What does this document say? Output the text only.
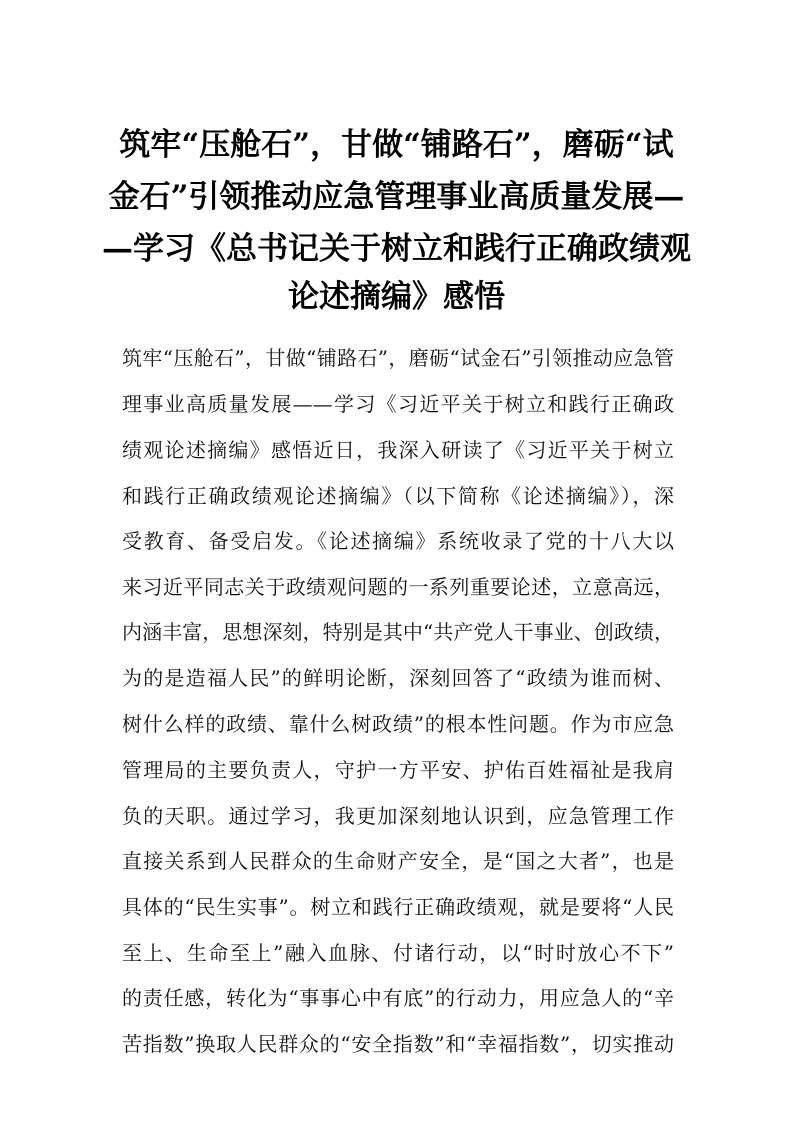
筑牢“压舱石”，甘做“铺路石”，磨砺“试
金石”引领推动应急管理事业高质量发展—
—学习《总书记关于树立和践行正确政绩观
论述摘编》感悟
筑牢“压舱石”，甘做“铺路石”，磨砺“试金石”引领推动应急管
理事业高质量发展——学习《习近平关于树立和践行正确政
绩观论述摘编》感悟近日，我深入研读了《习近平关于树立
和践行正确政绩观论述摘编》（以下简称《论述摘编》），深
受教育、备受启发。《论述摘编》系统收录了党的十八大以
来习近平同志关于政绩观问题的一系列重要论述，立意高远，
内涵丰富，思想深刻，特别是其中“共产党人干事业、创政绩，
为的是造福人民”的鲜明论断，深刻回答了“政绩为谁而树、
树什么样的政绩、靠什么树政绩”的根本性问题。作为市应急
管理局的主要负责人，守护一方平安、护佑百姓福祉是我肩
负的天职。通过学习，我更加深刻地认识到，应急管理工作
直接关系到人民群众的生命财产安全，是“国之大者”，也是
具体的“民生实事”。树立和践行正确政绩观，就是要将“人民
至上、生命至上”融入血脉、付诸行动，以“时时放心不下”
的责任感，转化为“事事心中有底”的行动力，用应急人的“辛
苦指数”换取人民群众的“安全指数”和“幸福指数”，切实推动
